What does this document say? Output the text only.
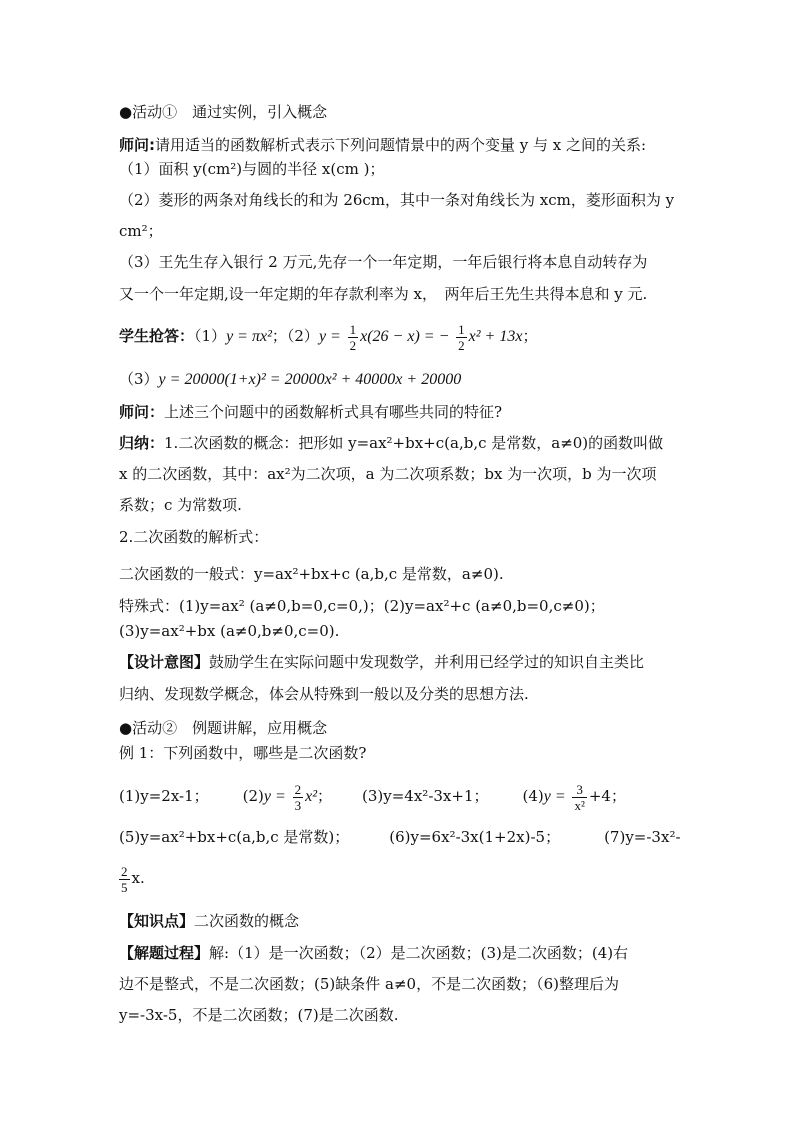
●活动①　通过实例，引入概念
师问:请用适当的函数解析式表示下列问题情景中的两个变量 y 与 x 之间的关系:
（1）面积 y(cm²)与圆的半径 x(cm )；
（2）菱形的两条对角线长的和为 26cm，其中一条对角线长为 xcm，菱形面积为 y
cm²；
（3）王先生存入银行 2 万元,先存一个一年定期，一年后银行将本息自动转存为
又一个一年定期,设一年定期的年存款利率为 x，　两年后王先生共得本息和 y 元.
学生抢答：（1）y = πx²；$(2)y = \frac{1}{2} x(26 - x)$ = − $\frac{1}{2} x^2 + 13x$；
（3）y = 20000(1+x)² = 20000x² + 40000x + 20000
师问：上述三个问题中的函数解析式具有哪些共同的特征?
归纳：1.二次函数的概念：把形如 y=ax²+bx+c(a,b,c 是常数，a≠0)的函数叫做
x 的二次函数，其中：ax²为二次项，a 为二次项系数；bx 为一次项，b 为一次项
系数；c 为常数项.
2.二次函数的解析式：
二次函数的一般式：y=ax²+bx+c (a,b,c 是常数，a≠0).
特殊式：(1)y=ax² (a≠0,b=0,c=0,)；(2)y=ax²+c (a≠0,b=0,c≠0)；
(3)y=ax²+bx (a≠0,b≠0,c=0).
【设计意图】鼓励学生在实际问题中发现数学，并利用已经学过的知识自主类比
归纳、发现数学概念，体会从特殊到一般以及分类的思想方法.
●活动②　例题讲解，应用概念
例 1：下列函数中，哪些是二次函数?
(1)y=2x-1； $(2)y = \frac{2}{3} x^2$； (3)y=4x²-3x+1； $(4)y = \frac{3}{\text{x²}} +4$；
(5)y=ax²+bx+c(a,b,c 是常数)；	(6)y=6x²-3x(1+2x)-5；	(7)y=-3x²-
$\frac{2}{5} x$.
【知识点】二次函数的概念
【解题过程】解:（1）是一次函数；（2）是二次函数；(3)是二次函数；(4)右
边不是整式，不是二次函数；(5)缺条件 a≠0，不是二次函数；（6)整理后为
y=-3x-5，不是二次函数；(7)是二次函数.
